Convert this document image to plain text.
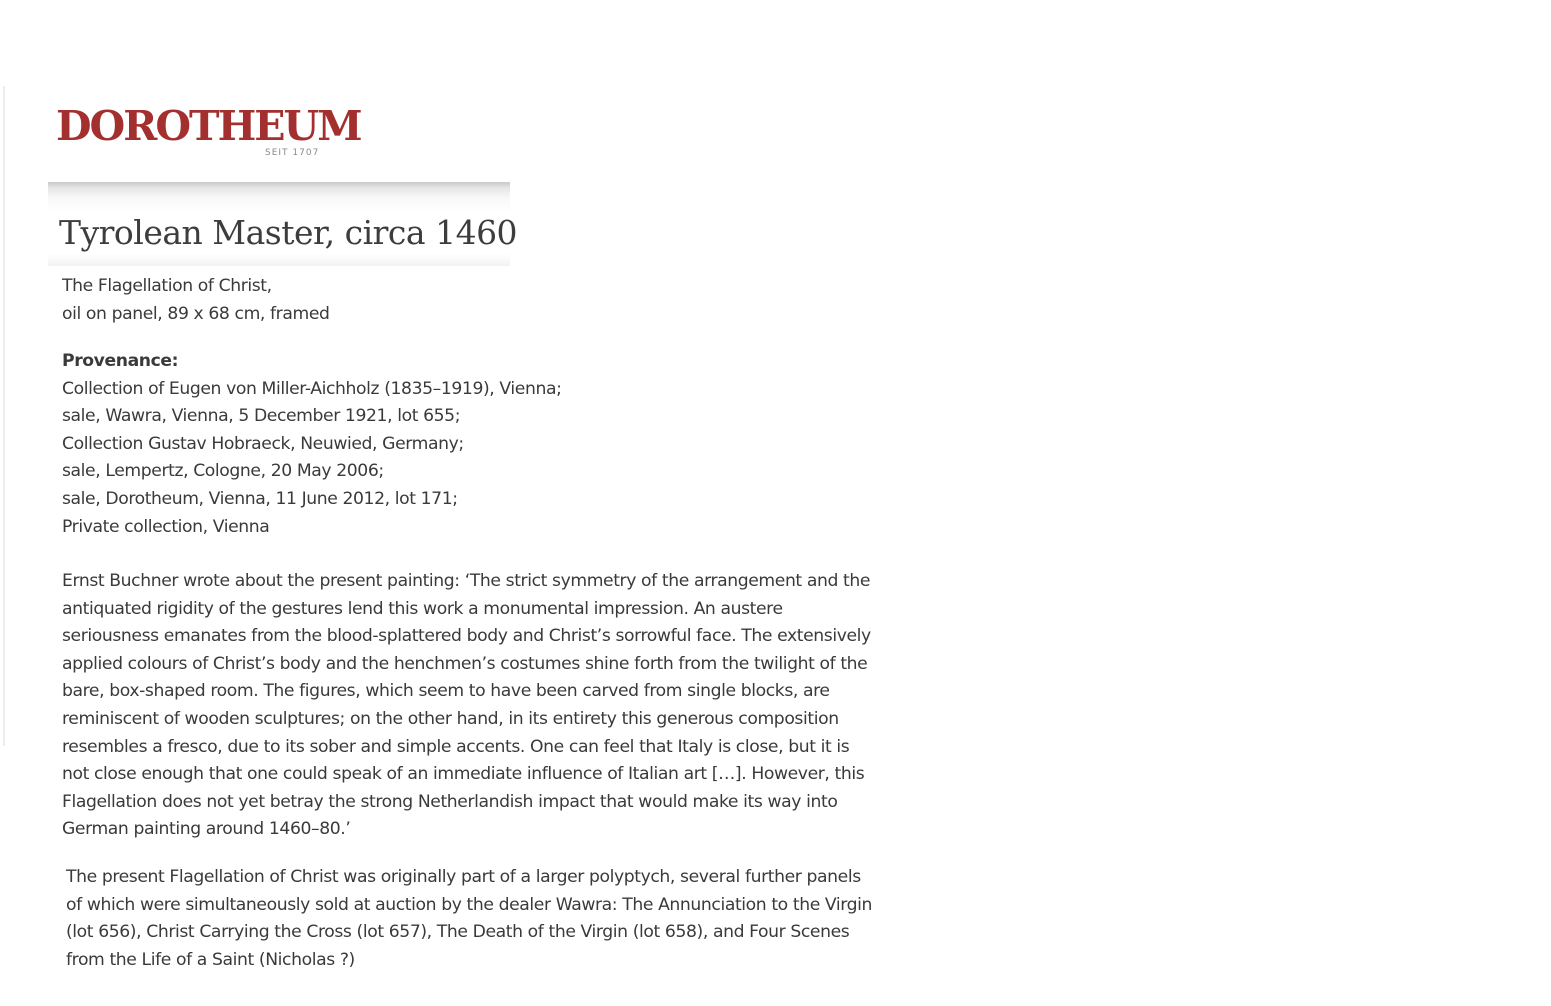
DOROTHEUM
SEIT 1707
Tyrolean Master, circa 1460
The Flagellation of Christ,
oil on panel, 89 x 68 cm, framed
Provenance:
Collection of Eugen von Miller-Aichholz (1835–1919), Vienna;
sale, Wawra, Vienna, 5 December 1921, lot 655;
Collection Gustav Hobraeck, Neuwied, Germany;
sale, Lempertz, Cologne, 20 May 2006;
sale, Dorotheum, Vienna, 11 June 2012, lot 171;
Private collection, Vienna
Ernst Buchner wrote about the present painting: ‘The strict symmetry of the arrangement and the
antiquated rigidity of the gestures lend this work a monumental impression. An austere
seriousness emanates from the blood-splattered body and Christ’s sorrowful face. The extensively
applied colours of Christ’s body and the henchmen’s costumes shine forth from the twilight of the
bare, box-shaped room. The figures, which seem to have been carved from single blocks, are
reminiscent of wooden sculptures; on the other hand, in its entirety this generous composition
resembles a fresco, due to its sober and simple accents. One can feel that Italy is close, but it is
not close enough that one could speak of an immediate influence of Italian art […]. However, this
Flagellation does not yet betray the strong Netherlandish impact that would make its way into
German painting around 1460–80.’
The present Flagellation of Christ was originally part of a larger polyptych, several further panels
of which were simultaneously sold at auction by the dealer Wawra: The Annunciation to the Virgin
(lot 656), Christ Carrying the Cross (lot 657), The Death of the Virgin (lot 658), and Four Scenes
from the Life of a Saint (Nicholas ?)
